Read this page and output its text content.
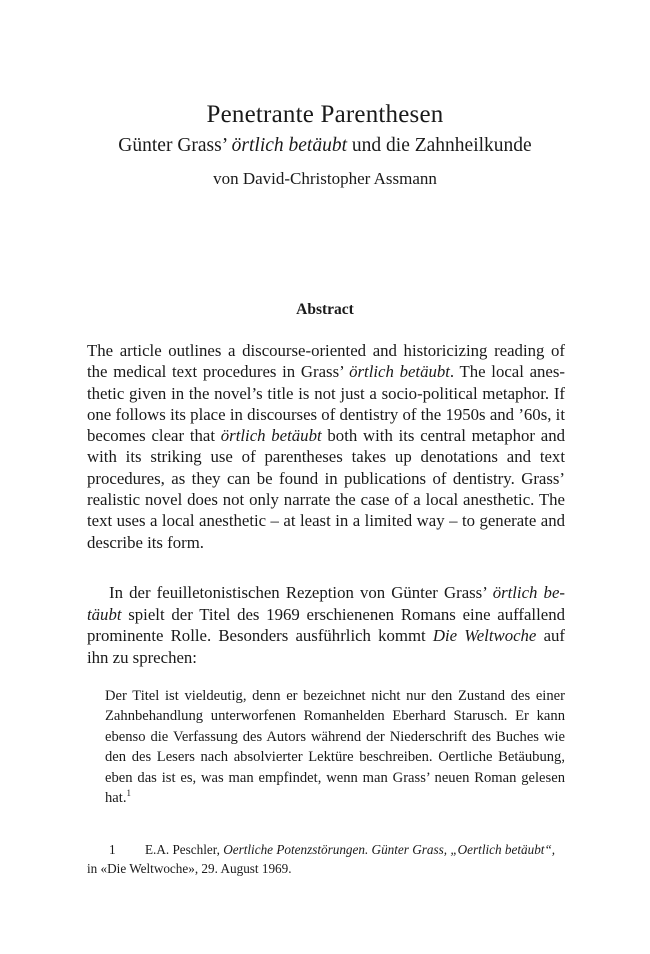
Penetrante Parenthesen
Günter Grass’ örtlich betäubt und die Zahnheilkunde
von David-Christopher Assmann
Abstract

The article outlines a discourse-oriented and historicizing reading of the medical text procedures in Grass’ örtlich betäubt. The local anesthetic given in the novel’s title is not just a socio-political metaphor. If one follows its place in discourses of dentistry of the 1950s and ’60s, it becomes clear that örtlich betäubt both with its central metaphor and with its striking use of parentheses takes up denotations and text procedures, as they can be found in publications of dentistry. Grass’ realistic novel does not only narrate the case of a local anesthetic. The text uses a local anesthetic – at least in a limited way – to generate and describe its form.

In der feuilletonistischen Rezeption von Günter Grass’ örtlich betäubt spielt der Titel des 1969 erschienenen Romans eine auffallend prominente Rolle. Besonders ausführlich kommt Die Weltwoche auf ihn zu sprechen:

Der Titel ist vieldeutig, denn er bezeichnet nicht nur den Zustand des einer Zahnbehandlung unterworfenen Romanhelden Eberhard Starusch. Er kann ebenso die Verfassung des Autors während der Niederschrift des Buches wie den des Lesers nach absolvierter Lektüre beschreiben. Oertliche Betäubung, eben das ist es, was man empfindet, wenn man Grass’ neuen Roman gelesen hat.$^1$

1 E.A. Peschler, Oertliche Potenzstörungen. Günter Grass, „Oertlich betäubt“, in «Die Weltwoche», 29. August 1969.
